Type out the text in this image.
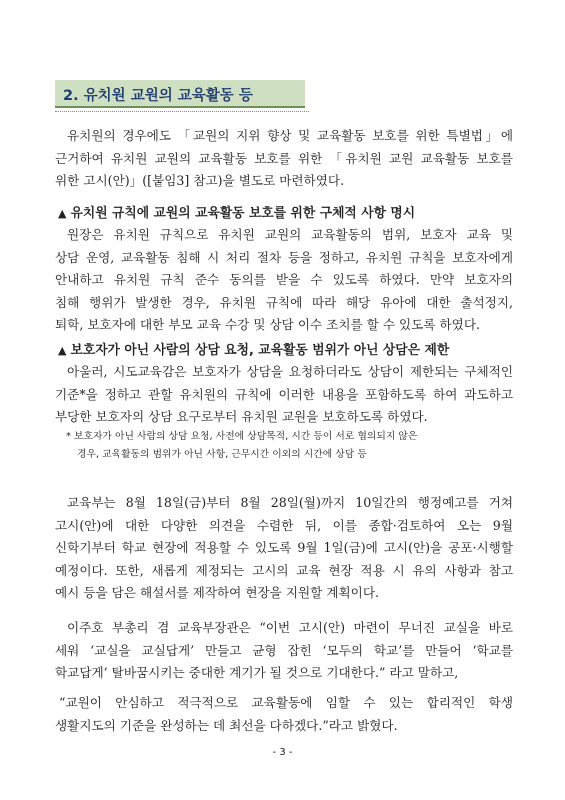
2. 유치원 교원의 교육활동 등
유치원의 경우에도 「교원의 지위 향상 및 교육활동 보호를 위한 특별법」에
근거하여 유치원 교원의 교육활동 보호를 위한 「유치원 교원 교육활동 보호를
위한 고시(안)」([붙임3] 참고)을 별도로 마련하였다.
▲ 유치원 규칙에 교원의 교육활동 보호를 위한 구체적 사항 명시
원장은 유치원 규칙으로 유치원 교원의 교육활동의 범위, 보호자 교육 및
상담 운영, 교육활동 침해 시 처리 절차 등을 정하고, 유치원 규칙을 보호자에게
안내하고 유치원 규칙 준수 동의를 받을 수 있도록 하였다. 만약 보호자의
침해 행위가 발생한 경우, 유치원 규칙에 따라 해당 유아에 대한 출석정지,
퇴학, 보호자에 대한 부모 교육 수강 및 상담 이수 조치를 할 수 있도록 하였다.
▲ 보호자가 아닌 사람의 상담 요청, 교육활동 범위가 아닌 상담은 제한
아울러, 시도교육감은 보호자가 상담을 요청하더라도 상담이 제한되는 구체적인
기준*을 정하고 관할 유치원의 규칙에 이러한 내용을 포함하도록 하여 과도하고
부당한 보호자의 상담 요구로부터 유치원 교원을 보호하도록 하였다.
* 보호자가 아닌 사람의 상담 요청, 사전에 상담목적, 시간 등이 서로 협의되지 않은
경우, 교육활동의 범위가 아닌 사항, 근무시간 이외의 시간에 상담 등
교육부는 8월 18일(금)부터 8월 28일(월)까지 10일간의 행정예고를 거쳐
고시(안)에 대한 다양한 의견을 수렴한 뒤, 이를 종합·검토하여 오는 9월
신학기부터 학교 현장에 적용할 수 있도록 9월 1일(금)에 고시(안)을 공포·시행할
예정이다. 또한, 새롭게 제정되는 고시의 교육 현장 적용 시 유의 사항과 참고
예시 등을 담은 해설서를 제작하여 현장을 지원할 계획이다.
이주호 부총리 겸 교육부장관은 “이번 고시(안) 마련이 무너진 교실을 바로
세워 ‘교실을 교실답게’ 만들고 균형 잡힌 ‘모두의 학교’를 만들어 ‘학교를
학교답게’ 탈바꿈시키는 중대한 계기가 될 것으로 기대한다.” 라고 말하고,
“교원이 안심하고 적극적으로 교육활동에 임할 수 있는 합리적인 학생
생활지도의 기준을 완성하는 데 최선을 다하겠다.”라고 밝혔다.
- 3 -
